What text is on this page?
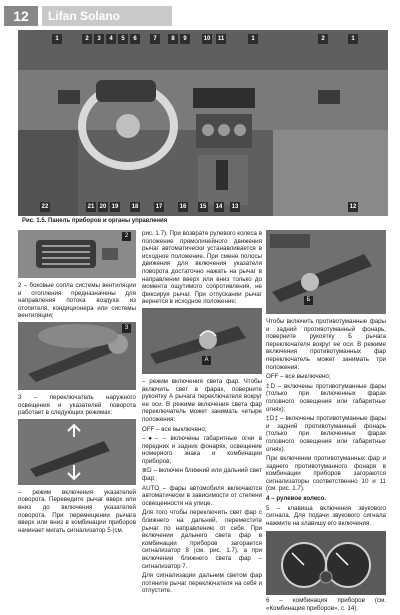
12	Lifan Solano
1	2	3	4	5	6	7	8	9	10	11	1	2	1
22	21 20 19 18	17	16 15 14 13	12
Рис. 1.5. Панель приборов и органы управления
2

2 – боковые сопла системы вентиляции и отопления предназначены для направления потока воздуха из отопителя, кондиционера или системы вентиляции;

3

3 – переключатель наружного освещения и указателей поворота работает в следующих режимах:

– режим включения указателей поворота. Переведите рычаг вверх или вниз до включения указателей поворота. При перемещении рычага вверх или вниз в комбинации приборов начинает мигать сигнализатор 5 (см.

рис. 1.7). При возврате рулевого колеса в положение прямолинейного движения рычаг автоматически устанавливается в исходное положение. При смене полосы движения для включения указателя поворота достаточно нажать на рычаг в направлении вверх или вниз только до момента ощутимого сопротивления, не фиксируя рычаг. При отпускании рычаг вернется в исходное положение;

A

– режим включения света фар. Чтобы включить свет в фарах, поверните рукоятку А рычага переключателя вокруг ее оси. В режиме включения света фар переключатель может занимать четыре положения:

OFF – все выключено;

–●– – включены габаритные огни в передних и задних фонарях, освещение номерного знака и комбинации приборов;

≣D – включен ближний или дальний свет фар;

AUTO – фары автомобиля включаются автоматически в зависимости от степени освещенности на улице.

Для того чтобы переключить свет фар с ближнего на дальний, переместите рычаг по направлению от себя. При включении дальнего света фар в комбинации приборов загорается сигнализатор 8 (см. рис. 1.7), а при включении ближнего света фар – сигнализатор 7.

Для сигнализации дальним светом фар потяните рычаг переключателя на себя и отпустите.

Б

Чтобы включить противотуманные фары и задний противотуманный фонарь, поверните рукоятку Б рычага переключателя вокруг ее оси. В режиме включения противотуманных фар переключатель может занимать три положения:

OFF – все выключено;

‡D – включены противотуманные фары (только при включенных фарах головного освещения или габаритных огнях);

‡D‡ – включены противотуманные фары и задний противотуманный фонарь (только при включенных фарах головного освещения или габаритных огнях).

При включении противотуманных фар и заднего противотуманного фонаря в комбинации приборов загораются сигнализаторы соответственно 10 и 11 (см. рис. 1.7).

4 – рулевое колесо.

5 – клавиша включения звукового сигнала. Для подачи звукового сигнала нажмите на клавишу его включения.

6 – комбинация приборов (см. «Комбинация приборов», с. 14).
